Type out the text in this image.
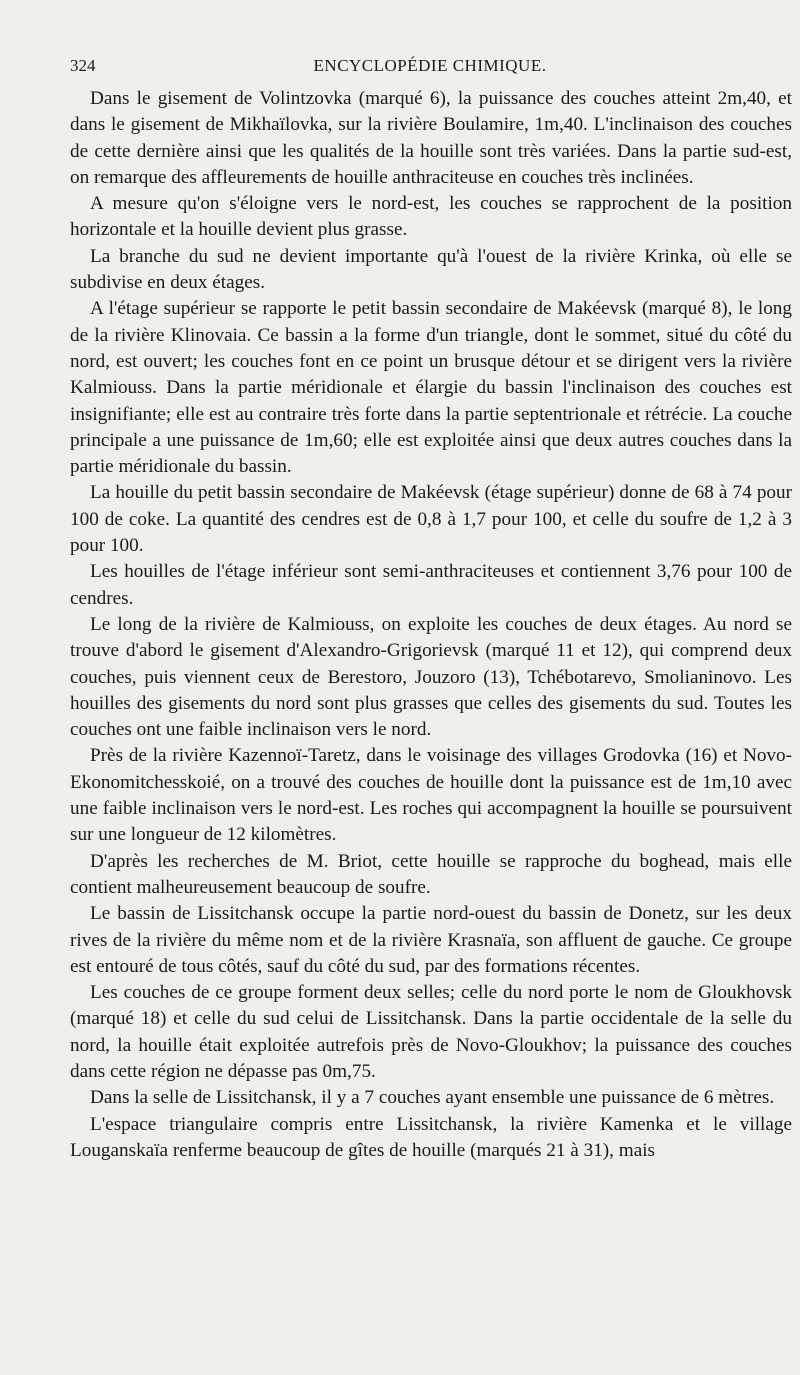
324	ENCYCLOPÉDIE CHIMIQUE.

Dans le gisement de Volintzovka (marqué 6), la puissance des couches atteint 2m,40, et dans le gisement de Mikhaïlovka, sur la rivière Boulamire, 1m,40. L'inclinaison des couches de cette dernière ainsi que les qualités de la houille sont très variées. Dans la partie sud-est, on remarque des affleurements de houille anthraciteuse en couches très inclinées.

A mesure qu'on s'éloigne vers le nord-est, les couches se rapprochent de la position horizontale et la houille devient plus grasse.

La branche du sud ne devient importante qu'à l'ouest de la rivière Krinka, où elle se subdivise en deux étages.

A l'étage supérieur se rapporte le petit bassin secondaire de Makéevsk (marqué 8), le long de la rivière Klinovaia. Ce bassin a la forme d'un triangle, dont le sommet, situé du côté du nord, est ouvert; les couches font en ce point un brusque détour et se dirigent vers la rivière Kalmiouss. Dans la partie méridionale et élargie du bassin l'inclinaison des couches est insignifiante; elle est au contraire très forte dans la partie septentrionale et rétrécie. La couche principale a une puissance de 1m,60; elle est exploitée ainsi que deux autres couches dans la partie méridionale du bassin.

La houille du petit bassin secondaire de Makéevsk (étage supérieur) donne de 68 à 74 pour 100 de coke. La quantité des cendres est de 0,8 à 1,7 pour 100, et celle du soufre de 1,2 à 3 pour 100.

Les houilles de l'étage inférieur sont semi-anthraciteuses et contiennent 3,76 pour 100 de cendres.

Le long de la rivière de Kalmiouss, on exploite les couches de deux étages. Au nord se trouve d'abord le gisement d'Alexandro-Grigorievsk (marqué 11 et 12), qui comprend deux couches, puis viennent ceux de Berestoro, Jouzoro (13), Tchébotarevo, Smolianinovo. Les houilles des gisements du nord sont plus grasses que celles des gisements du sud. Toutes les couches ont une faible inclinaison vers le nord.

Près de la rivière Kazennoï-Taretz, dans le voisinage des villages Grodovka (16) et Novo-Ekonomitchesskoié, on a trouvé des couches de houille dont la puissance est de 1m,10 avec une faible inclinaison vers le nord-est. Les roches qui accompagnent la houille se poursuivent sur une longueur de 12 kilomètres.

D'après les recherches de M. Briot, cette houille se rapproche du boghead, mais elle contient malheureusement beaucoup de soufre.

Le bassin de Lissitchansk occupe la partie nord-ouest du bassin de Donetz, sur les deux rives de la rivière du même nom et de la rivière Krasnaïa, son affluent de gauche. Ce groupe est entouré de tous côtés, sauf du côté du sud, par des formations récentes.

Les couches de ce groupe forment deux selles; celle du nord porte le nom de Gloukhovsk (marqué 18) et celle du sud celui de Lissitchansk. Dans la partie occidentale de la selle du nord, la houille était exploitée autrefois près de Novo-Gloukhov; la puissance des couches dans cette région ne dépasse pas 0m,75.

Dans la selle de Lissitchansk, il y a 7 couches ayant ensemble une puissance de 6 mètres.

L'espace triangulaire compris entre Lissitchansk, la rivière Kamenka et le village Louganskaïa renferme beaucoup de gîtes de houille (marqués 21 à 31), mais
